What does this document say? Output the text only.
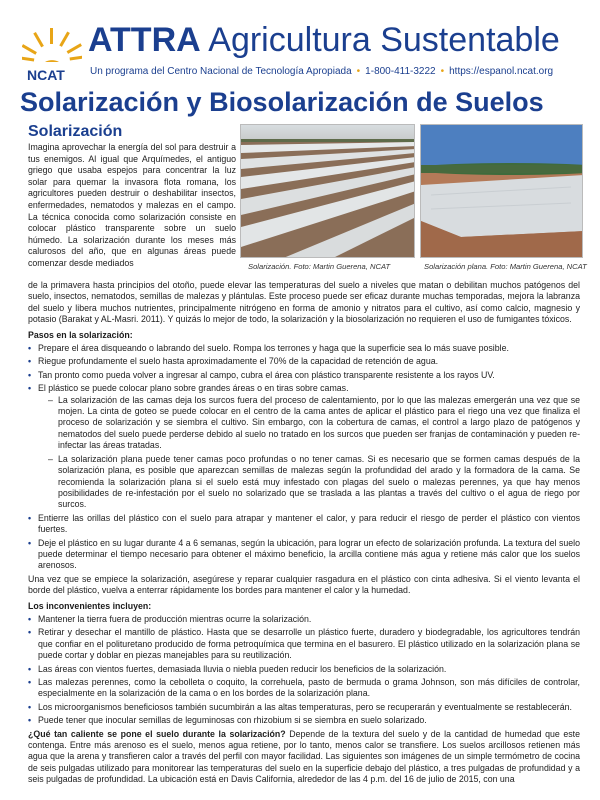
NCAT
ATTRA Agricultura Sustentable
Un programa del Centro Nacional de Tecnología Apropiada • 1-800-411-3222 • https://espanol.ncat.org
Solarización y Biosolarización de Suelos
Solarización

Imagina aprovechar la energía del sol para destruir a tus enemigos. Al igual que Arquímedes, el antiguo griego que usaba espejos para concentrar la luz solar para quemar la invasora flota romana, los agricultores pueden destruir o deshabilitar insectos, enfermedades, nematodos y malezas en el campo. La técnica conocida como solarización consiste en colocar plástico transparente sobre un suelo húmedo. La solarización durante los meses más calurosos del año, que en algunas áreas puede comenzar desde mediados	Solarización. Foto: Martin Guerena, NCAT	Solarización plana. Foto: Martin Guerena, NCAT

de la primavera hasta principios del otoño, puede elevar las temperaturas del suelo a niveles que matan o debilitan muchos patógenos del suelo, insectos, nematodos, semillas de malezas y plántulas. Este proceso puede ser eficaz durante muchas temporadas, mejora la labranza del suelo y libera muchos nutrientes, principalmente nitrógeno en forma de amonio y nitratos para el cultivo, así como calcio, magnesio y potasio (Barakat y AL-Masri. 2011). Y quizás lo mejor de todo, la solarización y la biosolarización no requieren el uso de fumigantes tóxicos.

Pasos en la solarización:
• Prepare el área disqueando o labrando del suelo. Rompa los terrones y haga que la superficie sea lo más suave posible.
• Riegue profundamente el suelo hasta aproximadamente el 70% de la capacidad de retención de agua.
• Tan pronto como pueda volver a ingresar al campo, cubra el área con plástico transparente resistente a los rayos UV.
• El plástico se puede colocar plano sobre grandes áreas o en tiras sobre camas.
– La solarización de las camas deja los surcos fuera del proceso de calentamiento, por lo que las malezas emergerán una vez que se mojen. La cinta de goteo se puede colocar en el centro de la cama antes de aplicar el plástico para el riego una vez que finaliza el proceso de solarización y se siembra el cultivo. Sin embargo, con la cobertura de camas, el control a largo plazo de patógenos y nematodos del suelo puede perderse debido al suelo no tratado en los surcos que pueden ser franjas de contaminación y pueden re-infectar las áreas tratadas.
– La solarización plana puede tener camas poco profundas o no tener camas. Si es necesario que se formen camas después de la solarización plana, es posible que aparezcan semillas de malezas según la profundidad del arado y la formadora de la cama. Se recomienda la solarización plana si el suelo está muy infestado con plagas del suelo o malezas perennes, ya que hay menos posibilidades de re-infestación por el suelo no solarizado que se traslada a las plantas a través del cultivo o el agua de riego por surcos.
• Entierre las orillas del plástico con el suelo para atrapar y mantener el calor, y para reducir el riesgo de perder el plástico con vientos fuertes.
• Deje el plástico en su lugar durante 4 a 6 semanas, según la ubicación, para lograr un efecto de solarización profunda. La textura del suelo puede determinar el tiempo necesario para obtener el máximo beneficio, la arcilla contiene más agua y retiene más calor que los suelos arenosos.

Una vez que se empiece la solarización, asegúrese y reparar cualquier rasgadura en el plástico con cinta adhesiva. Si el viento levanta el borde del plástico, vuelva a enterrar rápidamente los bordes para mantener el calor y la humedad.

Los inconvenientes incluyen:
• Mantener la tierra fuera de producción mientras ocurre la solarización.
• Retirar y desechar el mantillo de plástico. Hasta que se desarrolle un plástico fuerte, duradero y biodegradable, los agricultores tendrán que confiar en el polituretano producido de forma petroquímica que termina en el basurero. El plástico utilizado en la solarización plana se puede cortar y doblar en piezas manejables para su reutilización.
• Las áreas con vientos fuertes, demasiada lluvia o niebla pueden reducir los beneficios de la solarización.
• Las malezas perennes, como la cebolleta o coquito, la correhuela, pasto de bermuda o grama Johnson, son más difíciles de controlar, especialmente en la solarización de la cama o en los bordes de la solarización plana.
• Los microorganismos beneficiosos también sucumbirán a las altas temperaturas, pero se recuperarán y eventualmente se restablecerán.
• Puede tener que inocular semillas de leguminosas con rhizobium si se siembra en suelo solarizado.

¿Qué tan caliente se pone el suelo durante la solarización? Depende de la textura del suelo y de la cantidad de humedad que este contenga. Entre más arenoso es el suelo, menos agua retiene, por lo tanto, menos calor se transfiere. Los suelos arcillosos retienen más agua que la arena y transfieren calor a través del perfil con mayor facilidad. Las siguientes son imágenes de un simple termómetro de cocina de seis pulgadas utilizado para monitorear las temperaturas del suelo en la superficie debajo del plástico, a tres pulgadas de profundidad y a seis pulgadas de profundidad. La ubicación está en Davis California, alrededor de las 4 p.m. del 16 de julio de 2015, con una
